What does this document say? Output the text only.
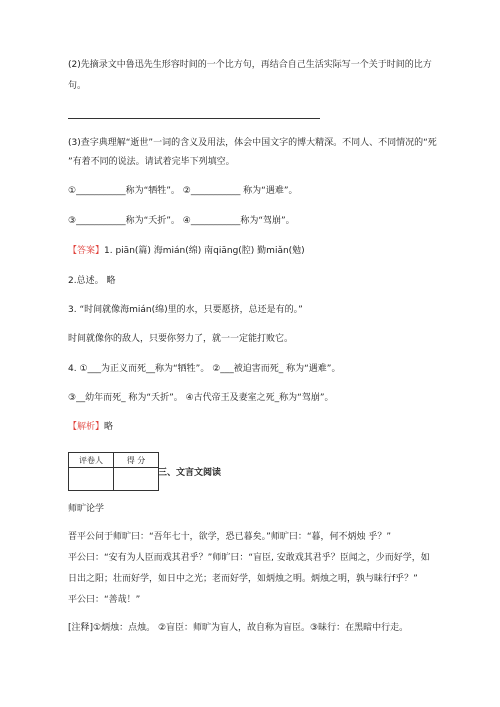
(2)先摘录文中鲁迅先生形容时间的一个比方句，再结合自己生活实际写一个关于时间的比方
句。
(3)查字典理解“逝世”一词的含义及用法，体会中国文字的博大精深。不同人、不同情况的“死
”有着不同的说法。请试着完毕下列填空。
①___________称为“牺牲”。 ②___________ 称为“遇难”。
③___________称为“夭折”。 ④___________称为“驾崩”。
【答案】1. piān(篇) 海mián(绵) 南qiāng(腔) 勤miǎn(勉)
2.总述。 略
3. “时间就像海mián(绵)里的水，只要愿挤，总还是有的。”
时间就像你的敌人，只要你努力了，就一一定能打败它。
4. ①___为正义而死__称为“牺牲”。 ②___被迫害而死_ 称为“遇难”。
③__幼年而死_ 称为“夭折”。 ④古代帝王及妻室之死_称为“驾崩”。
【解析】略
评卷人	得 分

三、文言文阅读
师旷论学
晋平公问于师旷曰：“吾年七十，欲学，恐已暮矣。”师旷曰：“暮，何不炳烛 乎？”
平公曰：“安有为人臣而戏其君乎？”师旷曰：“盲臣, 安敢戏其君乎？臣闻之，少而好学，如
日出之阳；壮而好学，如日中之光；老而好学，如炳烛之明。炳烛之明，孰与昧行f乎？”
平公曰：“善哉！”
[注释]①炳烛：点烛。 ②盲臣：师旷为盲人，故自称为盲臣。③昧行：在黑暗中行走。
